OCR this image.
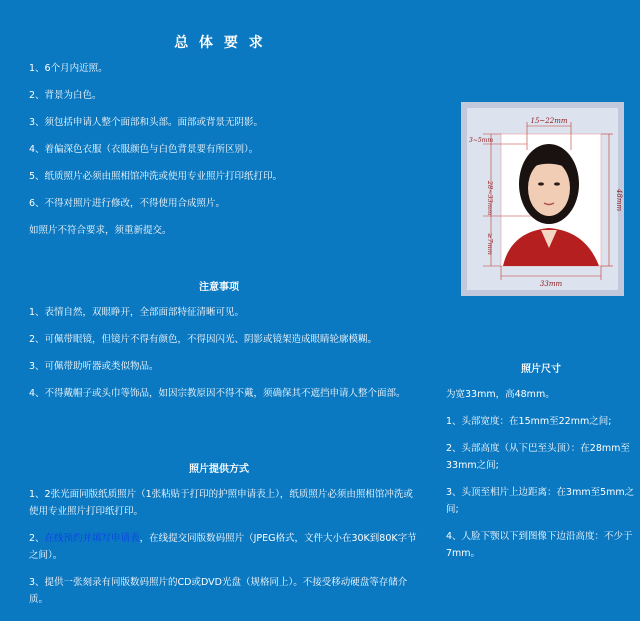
总 体 要 求
1、6个月内近照。
2、背景为白色。
3、须包括申请人整个面部和头部。面部或背景无阴影。
4、着偏深色衣服（衣服颜色与白色背景要有所区别）。
5、纸质照片必须由照相馆冲洗或使用专业照片打印纸打印。
6、不得对照片进行修改，不得使用合成照片。
如照片不符合要求，须重新提交。
注意事项
1、表情自然，双眼睁开，全部面部特征清晰可见。
2、可佩带眼镜，但镜片不得有颜色，不得因闪光、阴影或镜架造成眼睛轮廓模糊。
3、可佩带助听器或类似物品。
4、不得戴帽子或头巾等饰品，如因宗教原因不得不戴，须确保其不遮挡申请人整个面部。
照片提供方式
1、2张光面同版纸质照片（1张粘贴于打印的护照申请表上），纸质照片必须由照相馆冲洗或使用专业照片打印纸打印。
2、在线预约并填写申请表，在线提交同版数码照片（JPEG格式，文件大小在30K到80K字节之间）。
3、提供一张刻录有同版数码照片的CD或DVD光盘（规格同上）。不接受移动硬盘等存储介质。
15~22mm
3~5mm
28~33mm
≥7mm
48mm
33mm
照片尺寸
为宽33mm，高48mm。
1、头部宽度：在15mm至22mm之间;
2、头部高度（从下巴至头顶）：在28mm至33mm之间;
3、头顶至相片上边距离：在3mm至5mm之间;
4、人脸下颚以下到图像下边沿高度：不少于7mm。
